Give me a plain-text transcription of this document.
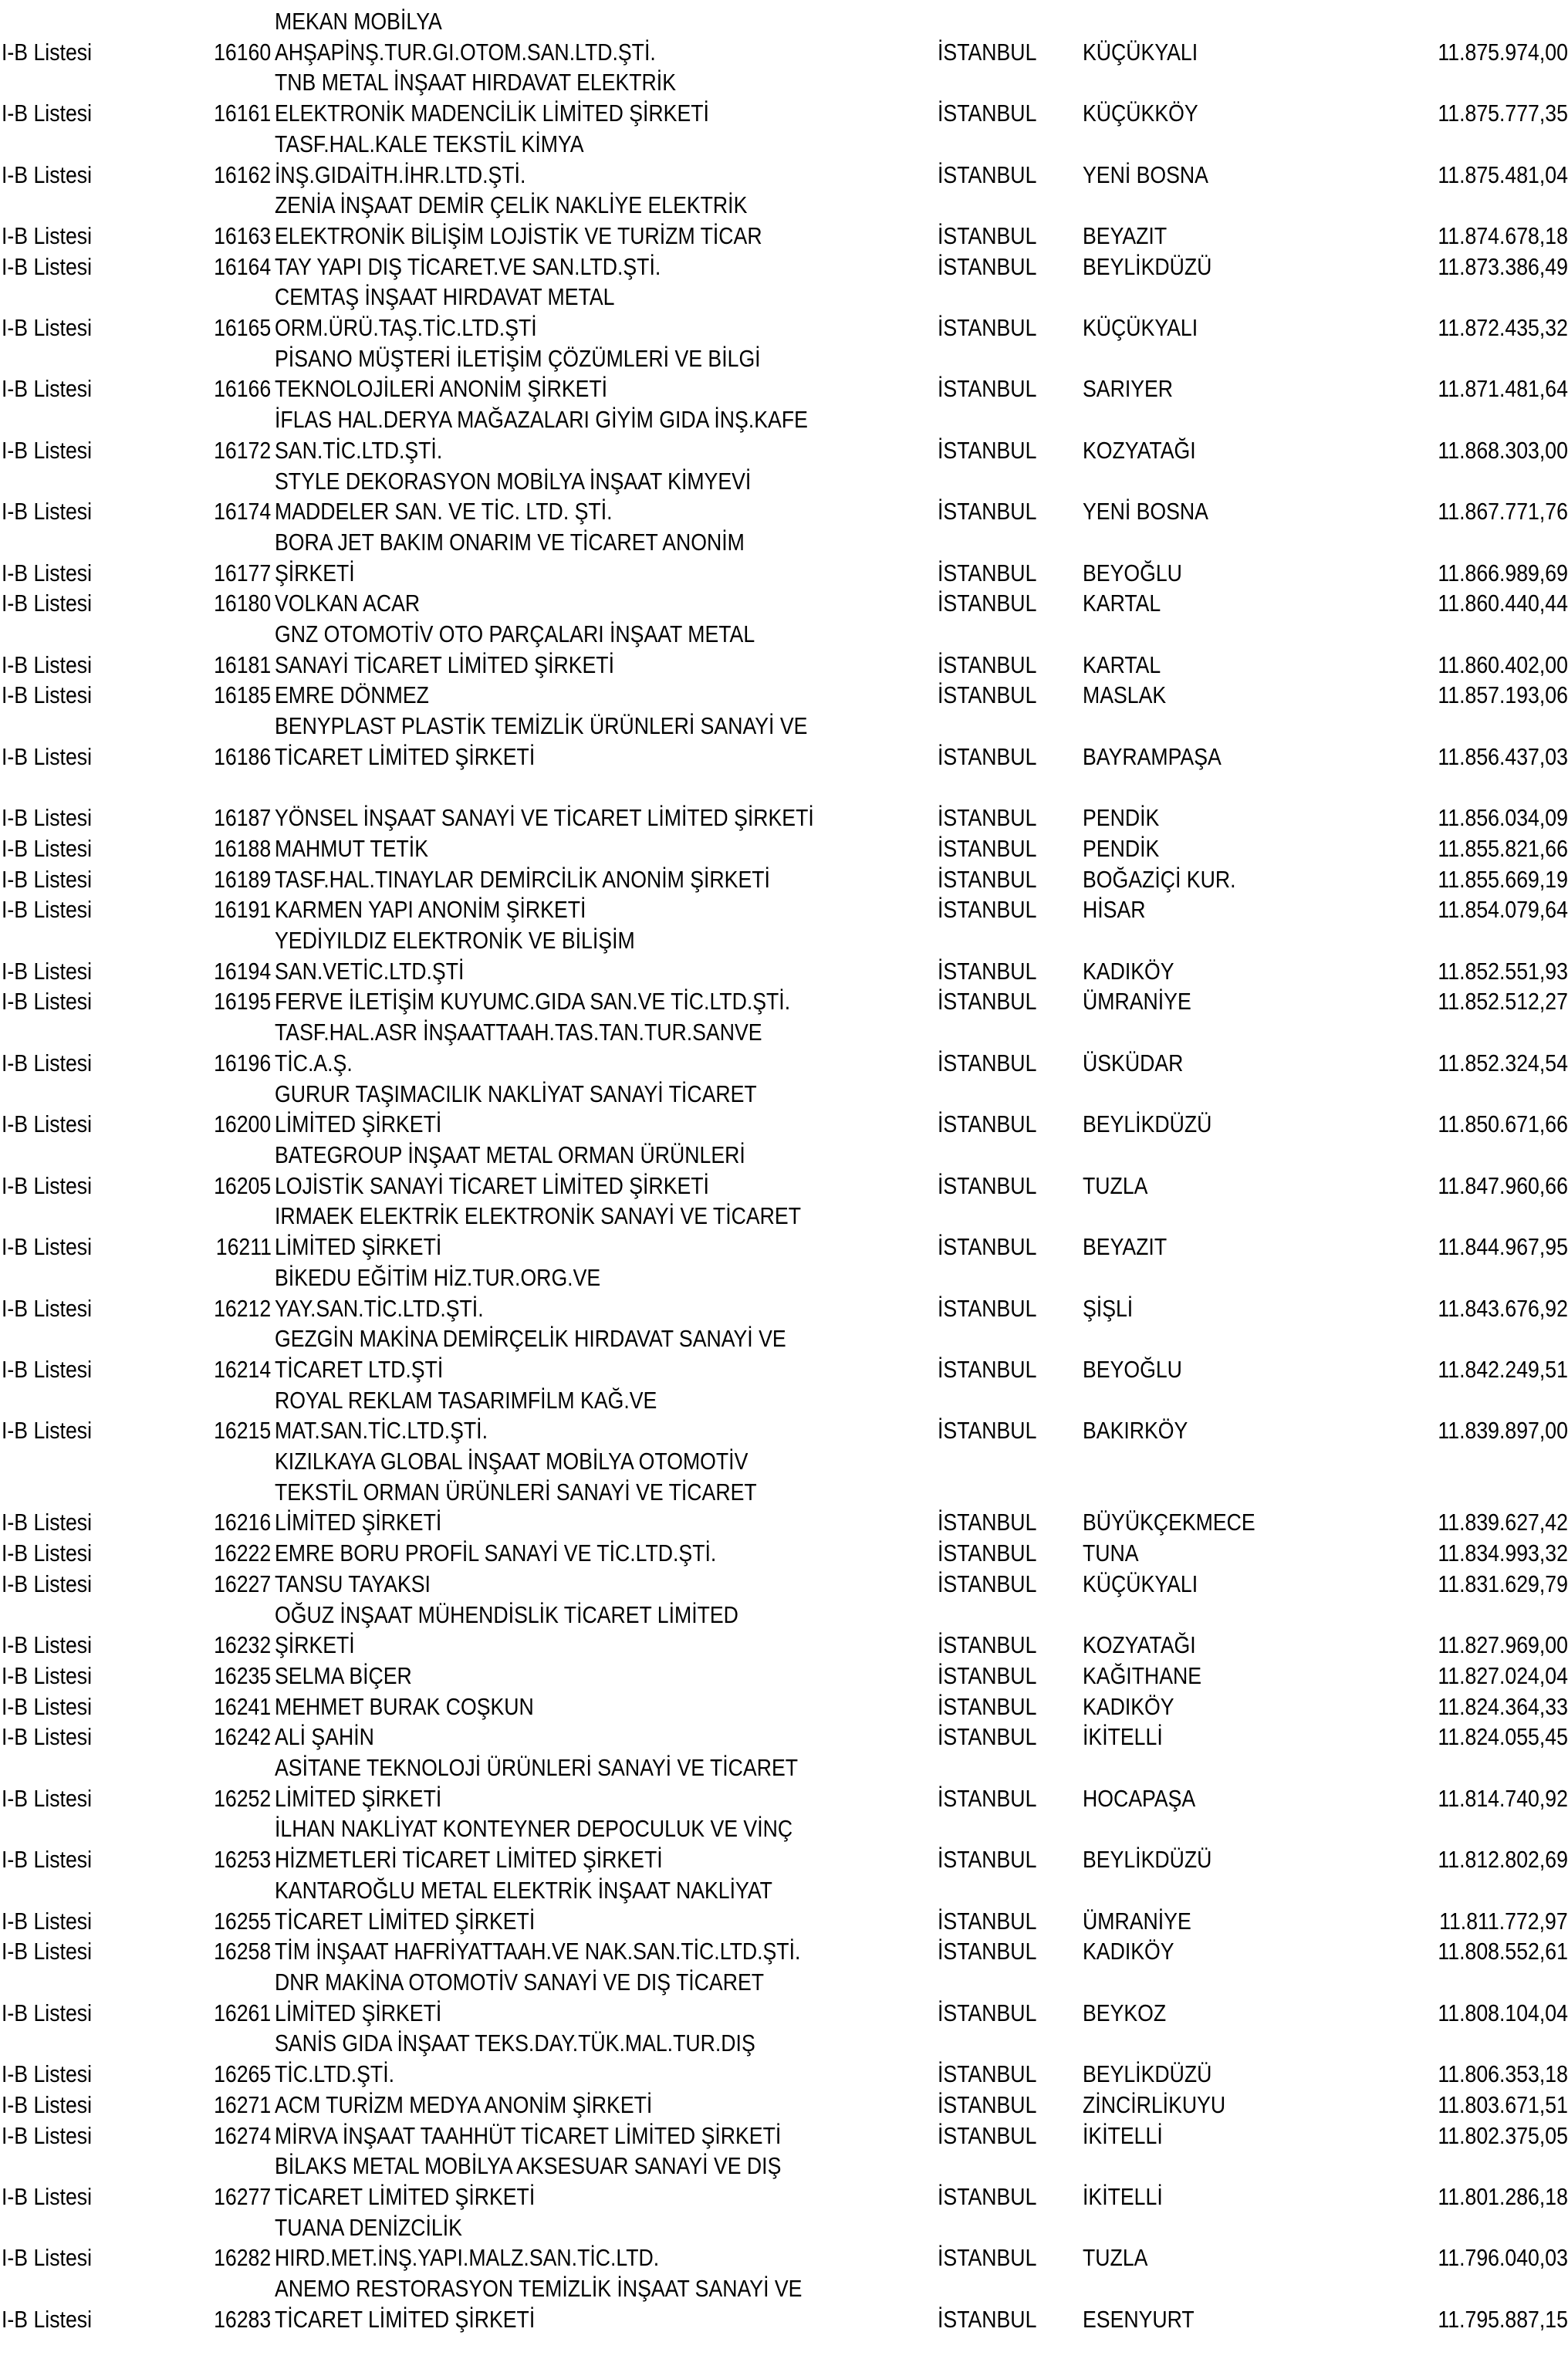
I-B Listesi	16160
MEKAN MOBİLYA
AHŞAPİNŞ.TUR.GI.OTOM.SAN.LTD.ŞTİ.	İSTANBUL	KÜÇÜKYALI	11.875.974,00
I-B Listesi	16161
TNB METAL İNŞAAT HIRDAVAT ELEKTRİK
ELEKTRONİK MADENCİLİK LİMİTED ŞİRKETİ	İSTANBUL	KÜÇÜKKÖY	11.875.777,35
I-B Listesi	16162
TASF.HAL.KALE TEKSTİL KİMYA
İNŞ.GIDAİTH.İHR.LTD.ŞTİ.	İSTANBUL	YENİ BOSNA	11.875.481,04
I-B Listesi	16163
ZENİA İNŞAAT DEMİR ÇELİK NAKLİYE ELEKTRİK
ELEKTRONİK BİLİŞİM LOJİSTİK VE TURİZM TİCAR	İSTANBUL	BEYAZIT	11.874.678,18
I-B Listesi	16164 TAY YAPI DIŞ TİCARET.VE SAN.LTD.ŞTİ.	İSTANBUL	BEYLİKDÜZÜ	11.873.386,49
I-B Listesi	16165
CEMTAŞ İNŞAAT HIRDAVAT METAL
ORM.ÜRÜ.TAŞ.TİC.LTD.ŞTİ	İSTANBUL	KÜÇÜKYALI	11.872.435,32
I-B Listesi	16166
PİSANO MÜŞTERİ İLETİŞİM ÇÖZÜMLERİ VE BİLGİ
TEKNOLOJİLERİ ANONİM ŞİRKETİ	İSTANBUL	SARIYER	11.871.481,64
I-B Listesi	16172
İFLAS HAL.DERYA MAĞAZALARI GİYİM GIDA İNŞ.KAFE
SAN.TİC.LTD.ŞTİ.	İSTANBUL	KOZYATAĞI	11.868.303,00
I-B Listesi	16174
STYLE DEKORASYON MOBİLYA İNŞAAT KİMYEVİ
MADDELER SAN. VE TİC. LTD. ŞTİ.	İSTANBUL	YENİ BOSNA	11.867.771,76
I-B Listesi	16177
BORA JET BAKIM ONARIM VE TİCARET ANONİM
ŞİRKETİ	İSTANBUL	BEYOĞLU	11.866.989,69
I-B Listesi	16180 VOLKAN ACAR	İSTANBUL	KARTAL	11.860.440,44
I-B Listesi	16181
GNZ OTOMOTİV OTO PARÇALARI İNŞAAT METAL
SANAYİ TİCARET LİMİTED ŞİRKETİ	İSTANBUL	KARTAL	11.860.402,00
I-B Listesi	16185 EMRE DÖNMEZ	İSTANBUL	MASLAK	11.857.193,06
I-B Listesi	16186
BENYPLAST PLASTİK TEMİZLİK ÜRÜNLERİ SANAYİ VE
TİCARET LİMİTED ŞİRKETİ	İSTANBUL	BAYRAMPAŞA	11.856.437,03
I-B Listesi	16187 YÖNSEL İNŞAAT SANAYİ VE TİCARET LİMİTED ŞİRKETİ	İSTANBUL	PENDİK	11.856.034,09
I-B Listesi	16188 MAHMUT TETİK	İSTANBUL	PENDİK	11.855.821,66
I-B Listesi	16189 TASF.HAL.TINAYLAR DEMİRCİLİK ANONİM ŞİRKETİ	İSTANBUL	BOĞAZİÇİ KUR.	11.855.669,19
I-B Listesi	16191 KARMEN YAPI ANONİM ŞİRKETİ	İSTANBUL	HİSAR	11.854.079,64
I-B Listesi	16194
YEDİYILDIZ ELEKTRONİK VE BİLİŞİM
SAN.VETİC.LTD.ŞTİ	İSTANBUL	KADIKÖY	11.852.551,93
I-B Listesi	16195 FERVE İLETİŞİM KUYUMC.GIDA SAN.VE TİC.LTD.ŞTİ.	İSTANBUL	ÜMRANİYE	11.852.512,27
I-B Listesi	16196
TASF.HAL.ASR İNŞAATTAAH.TAS.TAN.TUR.SANVE
TİC.A.Ş.	İSTANBUL	ÜSKÜDAR	11.852.324,54
I-B Listesi	16200
GURUR TAŞIMACILIK NAKLİYAT SANAYİ TİCARET
LİMİTED ŞİRKETİ	İSTANBUL	BEYLİKDÜZÜ	11.850.671,66
I-B Listesi	16205
BATEGROUP İNŞAAT METAL ORMAN ÜRÜNLERİ
LOJİSTİK SANAYİ TİCARET LİMİTED ŞİRKETİ	İSTANBUL	TUZLA	11.847.960,66
I-B Listesi	16211
IRMAEK ELEKTRİK ELEKTRONİK SANAYİ VE TİCARET
LİMİTED ŞİRKETİ	İSTANBUL	BEYAZIT	11.844.967,95
I-B Listesi	16212
BİKEDU EĞİTİM HİZ.TUR.ORG.VE
YAY.SAN.TİC.LTD.ŞTİ.	İSTANBUL	ŞİŞLİ	11.843.676,92
I-B Listesi	16214
GEZGİN MAKİNA DEMİRÇELİK HIRDAVAT SANAYİ VE
TİCARET LTD.ŞTİ	İSTANBUL	BEYOĞLU	11.842.249,51
I-B Listesi	16215
ROYAL REKLAM TASARIMFİLM KAĞ.VE
MAT.SAN.TİC.LTD.ŞTİ.	İSTANBUL	BAKIRKÖY	11.839.897,00
I-B Listesi	16216
KIZILKAYA GLOBAL İNŞAAT MOBİLYA OTOMOTİV
TEKSTİL ORMAN ÜRÜNLERİ SANAYİ VE TİCARET
LİMİTED ŞİRKETİ	İSTANBUL	BÜYÜKÇEKMECE	11.839.627,42
I-B Listesi	16222 EMRE BORU PROFİL SANAYİ VE TİC.LTD.ŞTİ.	İSTANBUL	TUNA	11.834.993,32
I-B Listesi	16227 TANSU TAYAKSI	İSTANBUL	KÜÇÜKYALI	11.831.629,79
I-B Listesi	16232
OĞUZ İNŞAAT MÜHENDİSLİK TİCARET LİMİTED
ŞİRKETİ	İSTANBUL	KOZYATAĞI	11.827.969,00
I-B Listesi	16235 SELMA BİÇER	İSTANBUL	KAĞITHANE	11.827.024,04
I-B Listesi	16241 MEHMET BURAK COŞKUN	İSTANBUL	KADIKÖY	11.824.364,33
I-B Listesi	16242 ALİ ŞAHİN	İSTANBUL	İKİTELLİ	11.824.055,45
I-B Listesi	16252
ASİTANE TEKNOLOJİ ÜRÜNLERİ SANAYİ VE TİCARET
LİMİTED ŞİRKETİ	İSTANBUL	HOCAPAŞA	11.814.740,92
I-B Listesi	16253
İLHAN NAKLİYAT KONTEYNER DEPOCULUK VE VİNÇ
HİZMETLERİ TİCARET LİMİTED ŞİRKETİ	İSTANBUL	BEYLİKDÜZÜ	11.812.802,69
I-B Listesi	16255
KANTAROĞLU METAL ELEKTRİK İNŞAAT NAKLİYAT
TİCARET LİMİTED ŞİRKETİ	İSTANBUL	ÜMRANİYE	11.811.772,97
I-B Listesi	16258 TİM İNŞAAT HAFRİYATTAAH.VE NAK.SAN.TİC.LTD.ŞTİ.	İSTANBUL	KADIKÖY	11.808.552,61
I-B Listesi	16261
DNR MAKİNA OTOMOTİV SANAYİ VE DIŞ TİCARET
LİMİTED ŞİRKETİ	İSTANBUL	BEYKOZ	11.808.104,04
I-B Listesi	16265
SANİS GIDA İNŞAAT TEKS.DAY.TÜK.MAL.TUR.DIŞ
TİC.LTD.ŞTİ.	İSTANBUL	BEYLİKDÜZÜ	11.806.353,18
I-B Listesi	16271 ACM TURİZM MEDYA ANONİM ŞİRKETİ	İSTANBUL	ZİNCİRLİKUYU	11.803.671,51
I-B Listesi	16274 MİRVA İNŞAAT TAAHHÜT TİCARET LİMİTED ŞİRKETİ	İSTANBUL	İKİTELLİ	11.802.375,05
I-B Listesi	16277
BİLAKS METAL MOBİLYA AKSESUAR SANAYİ VE DIŞ
TİCARET LİMİTED ŞİRKETİ	İSTANBUL	İKİTELLİ	11.801.286,18
I-B Listesi	16282
TUANA DENİZCİLİK
HIRD.MET.İNŞ.YAPI.MALZ.SAN.TİC.LTD.	İSTANBUL	TUZLA	11.796.040,03
I-B Listesi	16283
ANEMO RESTORASYON TEMİZLİK İNŞAAT SANAYİ VE
TİCARET LİMİTED ŞİRKETİ	İSTANBUL	ESENYURT	11.795.887,15
